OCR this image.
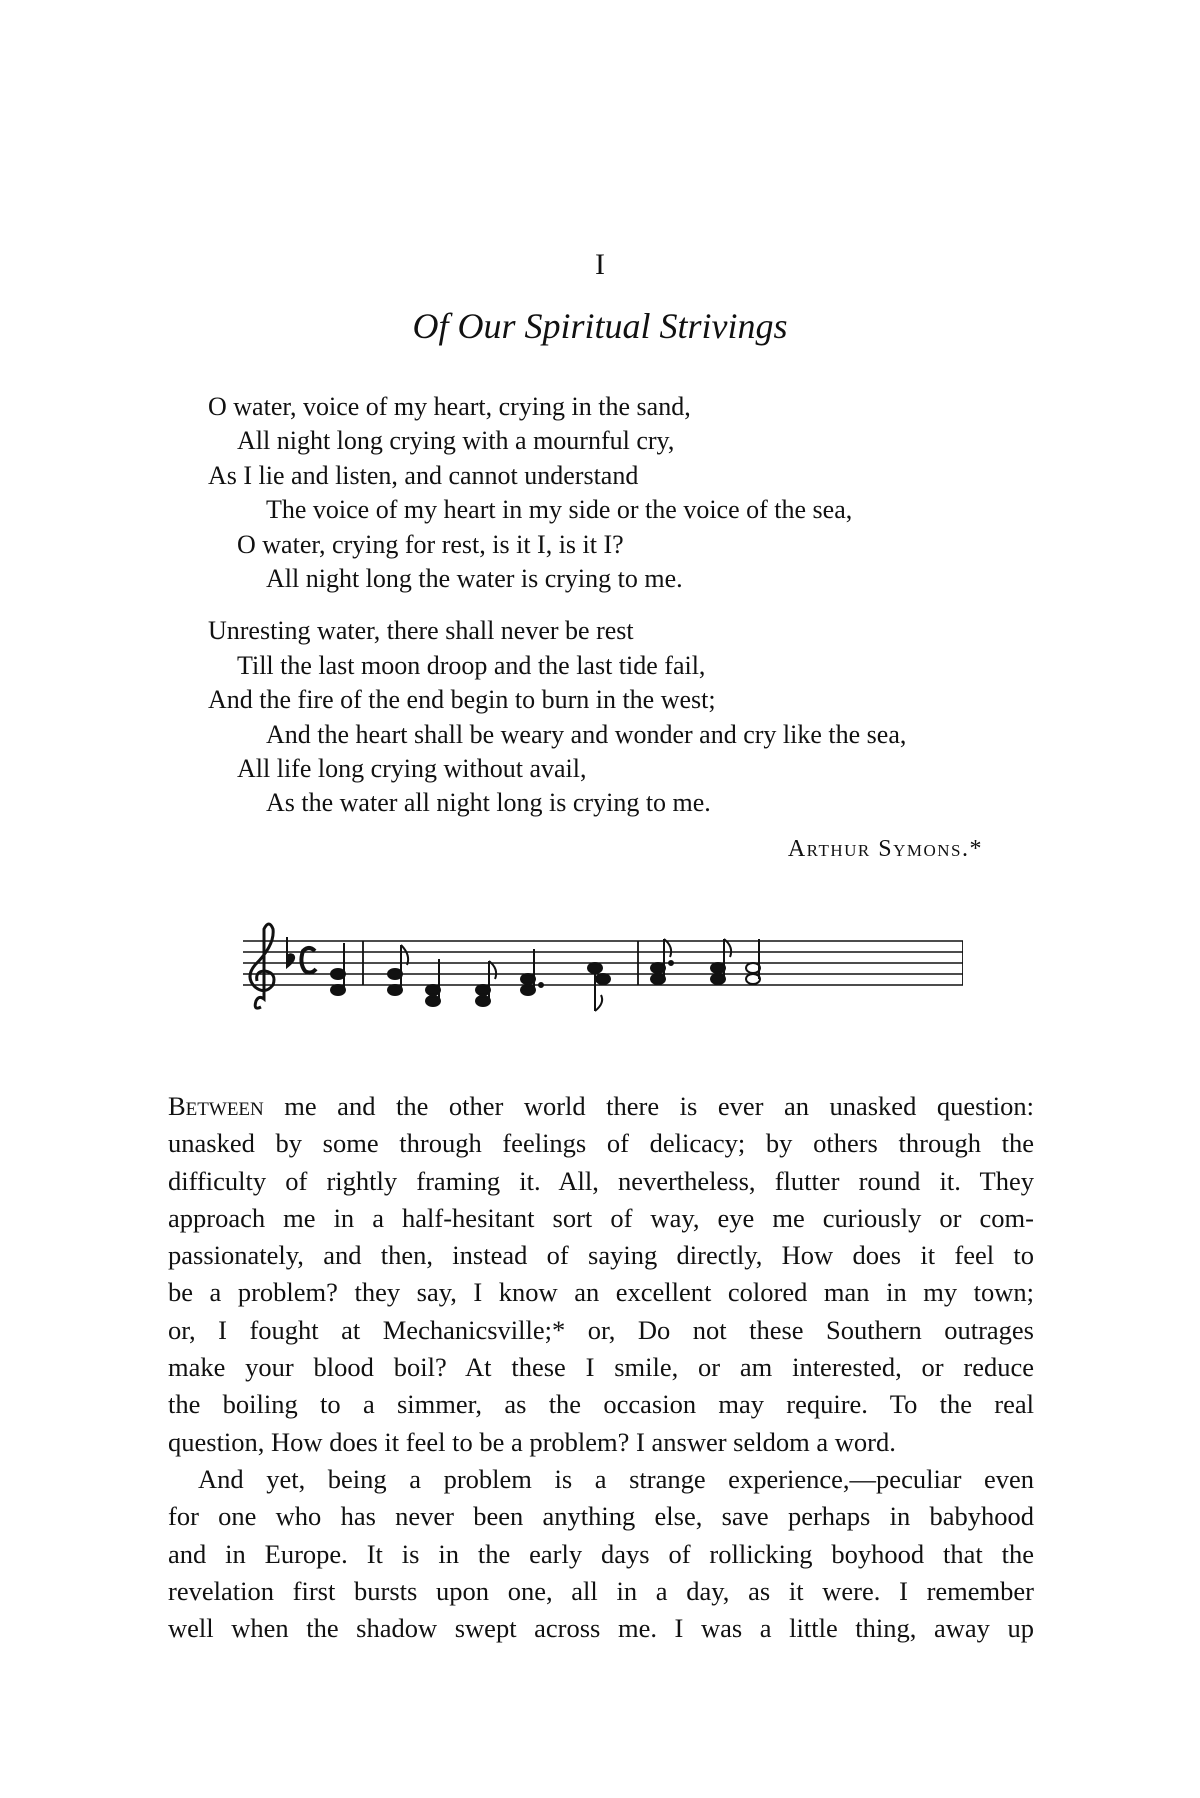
I
Of Our Spiritual Strivings
O water, voice of my heart, crying in the sand,
All night long crying with a mournful cry,
As I lie and listen, and cannot understand
The voice of my heart in my side or the voice of the sea,
O water, crying for rest, is it I, is it I?
All night long the water is crying to me.
Unresting water, there shall never be rest
Till the last moon droop and the last tide fail,
And the fire of the end begin to burn in the west;
And the heart shall be weary and wonder and cry like the sea,
All life long crying without avail,
As the water all night long is crying to me.
Arthur Symons.*
Between me and the other world there is ever an unasked question:
unasked by some through feelings of delicacy; by others through the
difficulty of rightly framing it. All, nevertheless, flutter round it. They
approach me in a half-hesitant sort of way, eye me curiously or com-
passionately, and then, instead of saying directly, How does it feel to
be a problem? they say, I know an excellent colored man in my town;
or, I fought at Mechanicsville;* or, Do not these Southern outrages
make your blood boil? At these I smile, or am interested, or reduce
the boiling to a simmer, as the occasion may require. To the real
question, How does it feel to be a problem? I answer seldom a word.
And yet, being a problem is a strange experience,—peculiar even
for one who has never been anything else, save perhaps in babyhood
and in Europe. It is in the early days of rollicking boyhood that the
revelation first bursts upon one, all in a day, as it were. I remember
well when the shadow swept across me. I was a little thing, away up
